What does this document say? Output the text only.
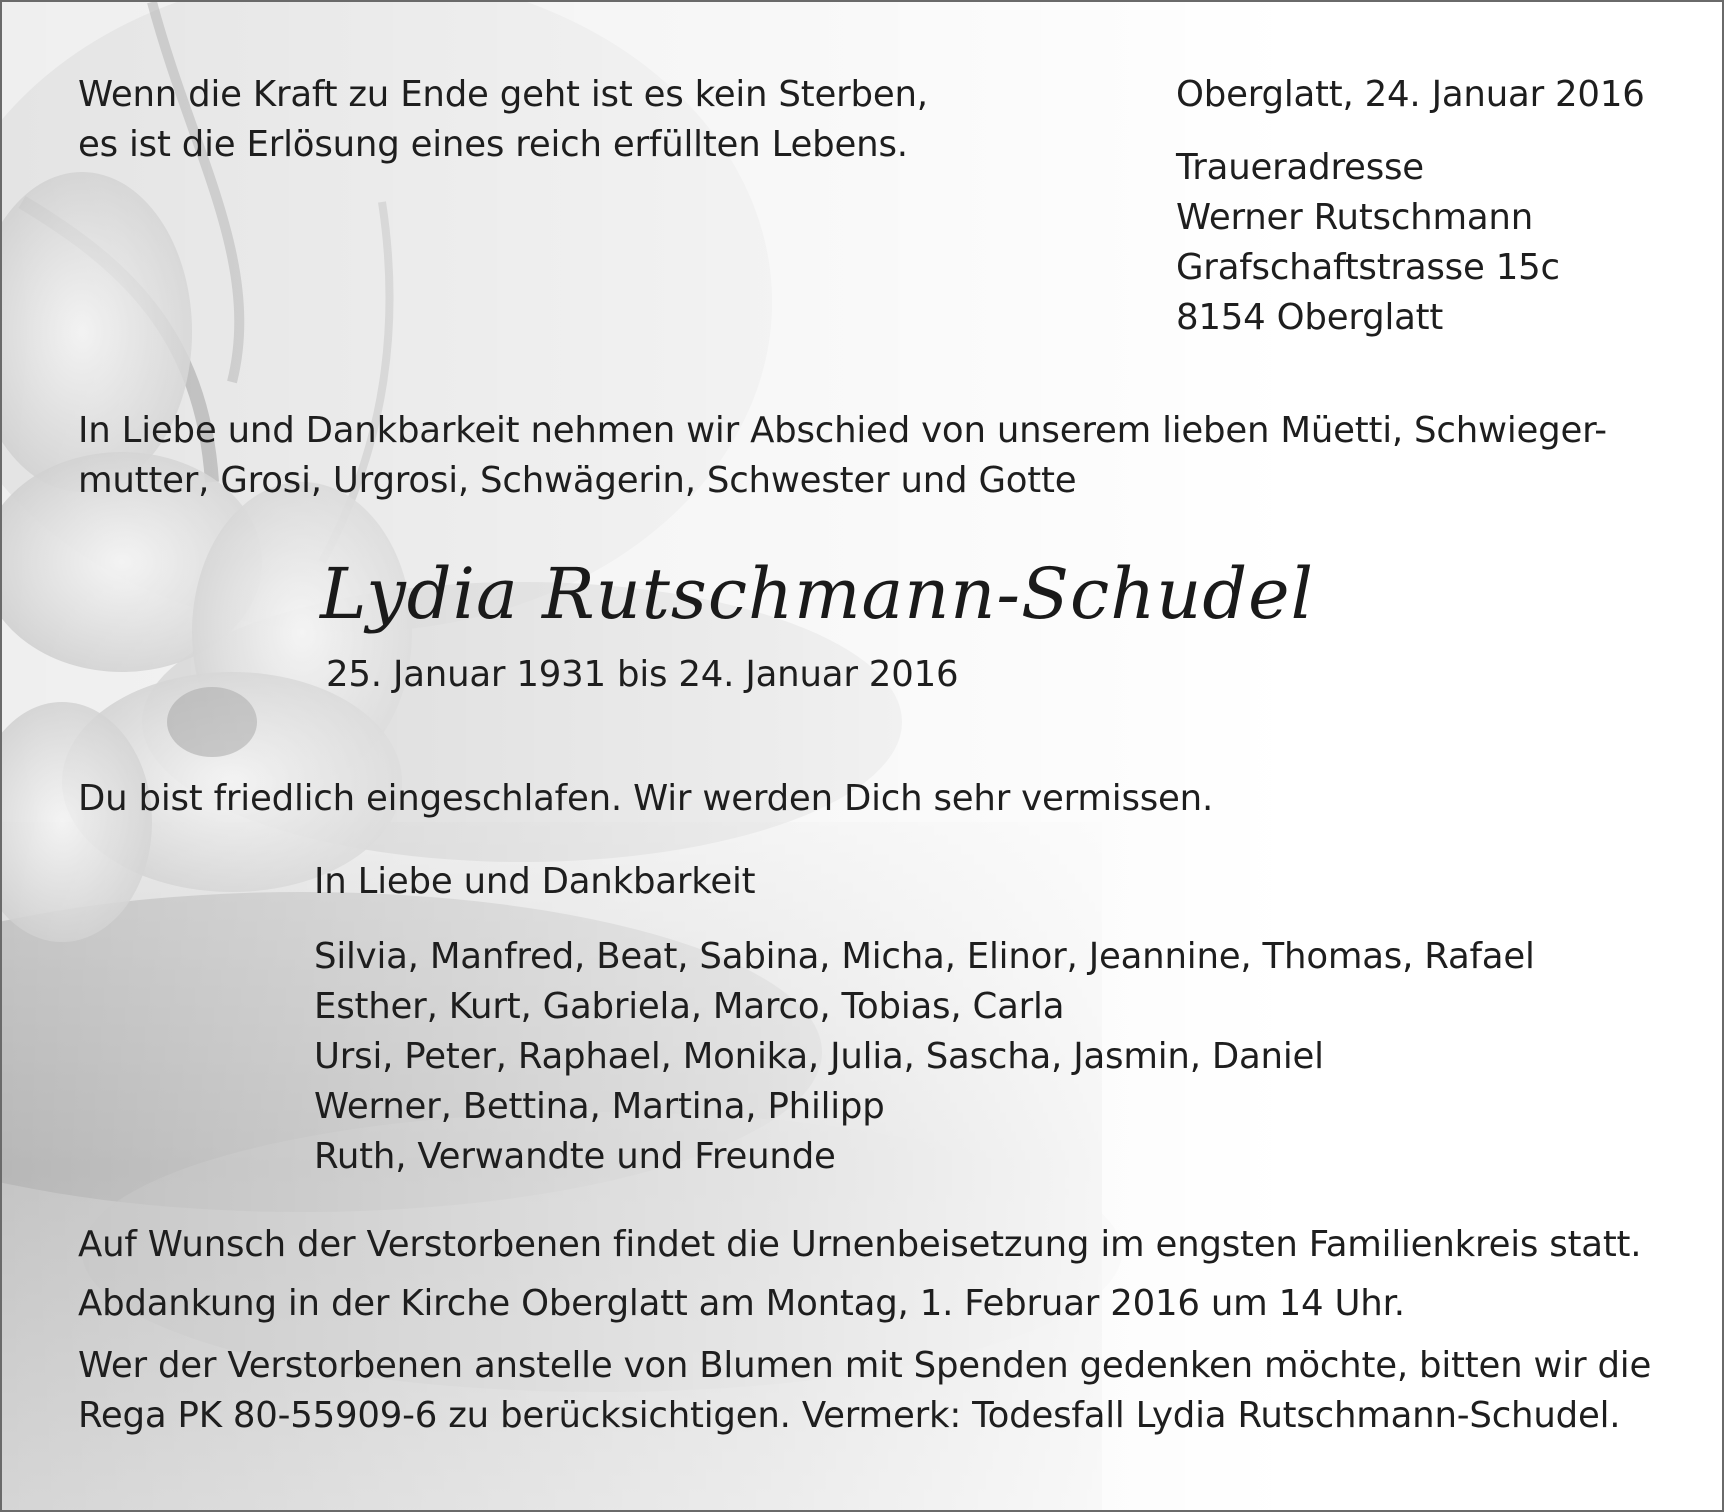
Wenn die Kraft zu Ende geht ist es kein Sterben,
es ist die Erlösung eines reich erfüllten Lebens.
Oberglatt, 24. Januar 2016
Traueradresse
Werner Rutschmann
Grafschaftstrasse 15c
8154 Oberglatt
In Liebe und Dankbarkeit nehmen wir Abschied von unserem lieben Müetti, Schwieger-
mutter, Grosi, Urgrosi, Schwägerin, Schwester und Gotte
Lydia Rutschmann-Schudel
25. Januar 1931 bis 24. Januar 2016
Du bist friedlich eingeschlafen. Wir werden Dich sehr vermissen.
In Liebe und Dankbarkeit
Silvia, Manfred, Beat, Sabina, Micha, Elinor, Jeannine, Thomas, Rafael
Esther, Kurt, Gabriela, Marco, Tobias, Carla
Ursi, Peter, Raphael, Monika, Julia, Sascha, Jasmin, Daniel
Werner, Bettina, Martina, Philipp
Ruth, Verwandte und Freunde
Auf Wunsch der Verstorbenen findet die Urnenbeisetzung im engsten Familienkreis statt.
Abdankung in der Kirche Oberglatt am Montag, 1. Februar 2016 um 14 Uhr.
Wer der Verstorbenen anstelle von Blumen mit Spenden gedenken möchte, bitten wir die
Rega PK 80-55909-6 zu berücksichtigen. Vermerk: Todesfall Lydia Rutschmann-Schudel.
